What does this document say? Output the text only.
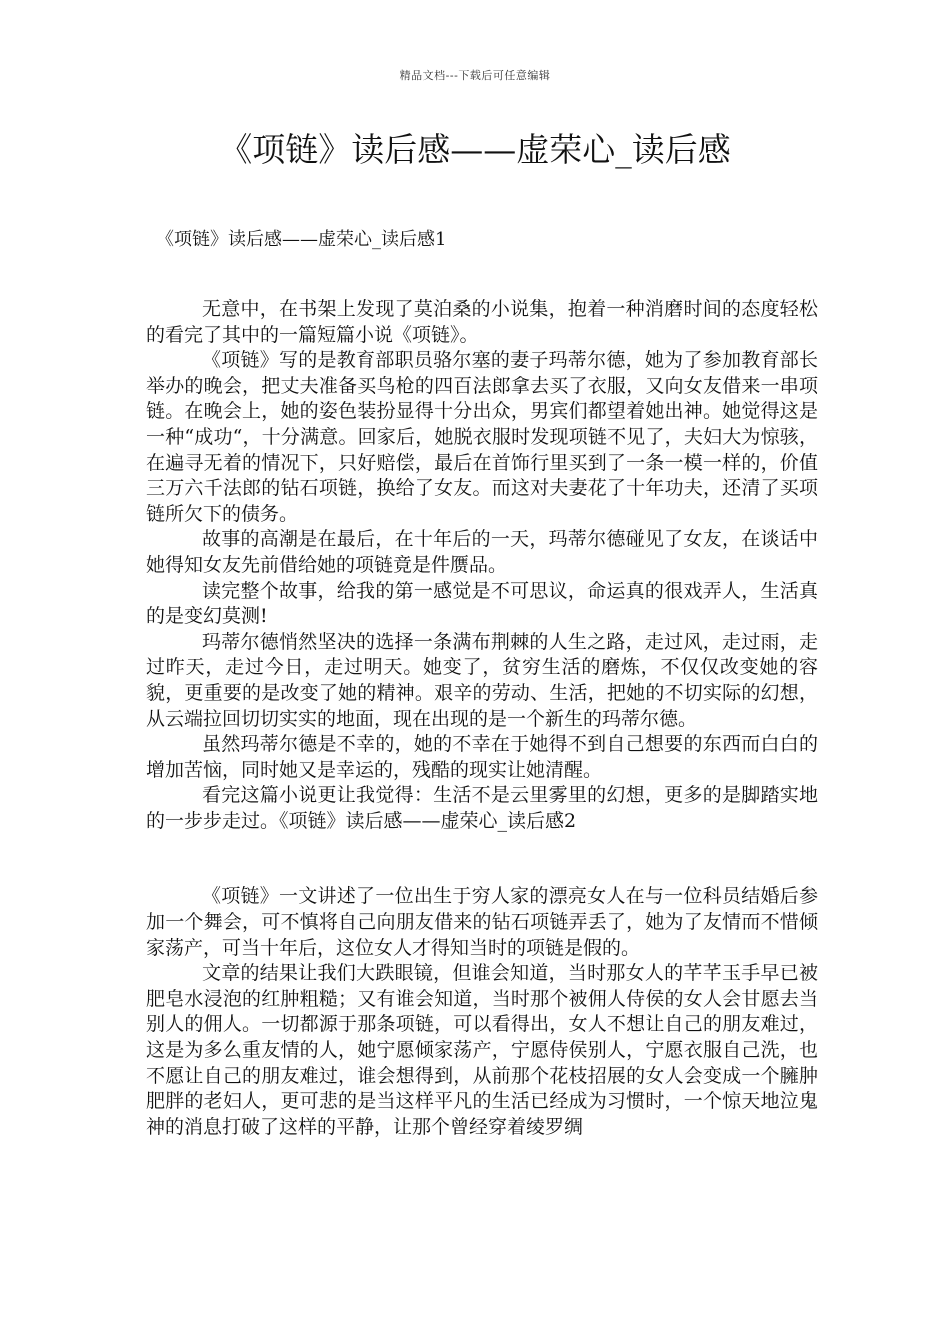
精品文档---下载后可任意编辑
《项链》读后感——虚荣心_读后感
《项链》读后感——虚荣心_读后感1

无意中，在书架上发现了莫泊桑的小说集，抱着一种消磨时间的态度轻松的看完了其中的一篇短篇小说《项链》。

《项链》写的是教育部职员骆尔塞的妻子玛蒂尔德，她为了参加教育部长举办的晚会，把丈夫准备买鸟枪的四百法郎拿去买了衣服，又向女友借来一串项链。在晚会上，她的姿色装扮显得十分出众，男宾们都望着她出神。她觉得这是一种“成功“，十分满意。回家后，她脱衣服时发现项链不见了，夫妇大为惊骇，在遍寻无着的情况下，只好赔偿，最后在首饰行里买到了一条一模一样的，价值三万六千法郎的钻石项链，换给了女友。而这对夫妻花了十年功夫，还清了买项链所欠下的债务。

故事的高潮是在最后，在十年后的一天，玛蒂尔德碰见了女友，在谈话中她得知女友先前借给她的项链竟是件赝品。

读完整个故事，给我的第一感觉是不可思议，命运真的很戏弄人，生活真的是变幻莫测!

玛蒂尔德悄然坚决的选择一条满布荆棘的人生之路，走过风，走过雨，走过昨天，走过今日，走过明天。她变了，贫穷生活的磨炼，不仅仅改变她的容貌，更重要的是改变了她的精神。艰辛的劳动、生活，把她的不切实际的幻想，从云端拉回切切实实的地面，现在出现的是一个新生的玛蒂尔德。

虽然玛蒂尔德是不幸的，她的不幸在于她得不到自己想要的东西而白白的增加苦恼，同时她又是幸运的，残酷的现实让她清醒。

看完这篇小说更让我觉得：生活不是云里雾里的幻想，更多的是脚踏实地的一步步走过。《项链》读后感——虚荣心_读后感2

《项链》一文讲述了一位出生于穷人家的漂亮女人在与一位科员结婚后参加一个舞会，可不慎将自己向朋友借来的钻石项链弄丢了，她为了友情而不惜倾家荡产，可当十年后，这位女人才得知当时的项链是假的。

文章的结果让我们大跌眼镜，但谁会知道，当时那女人的芊芊玉手早已被肥皂水浸泡的红肿粗糙；又有谁会知道，当时那个被佣人侍侯的女人会甘愿去当别人的佣人。一切都源于那条项链，可以看得出，女人不想让自己的朋友难过，这是为多么重友情的人，她宁愿倾家荡产，宁愿侍侯别人，宁愿衣服自己洗，也不愿让自己的朋友难过，谁会想得到，从前那个花枝招展的女人会变成一个臃肿肥胖的老妇人，更可悲的是当这样平凡的生活已经成为习惯时，一个惊天地泣鬼神的消息打破了这样的平静，让那个曾经穿着绫罗绸
